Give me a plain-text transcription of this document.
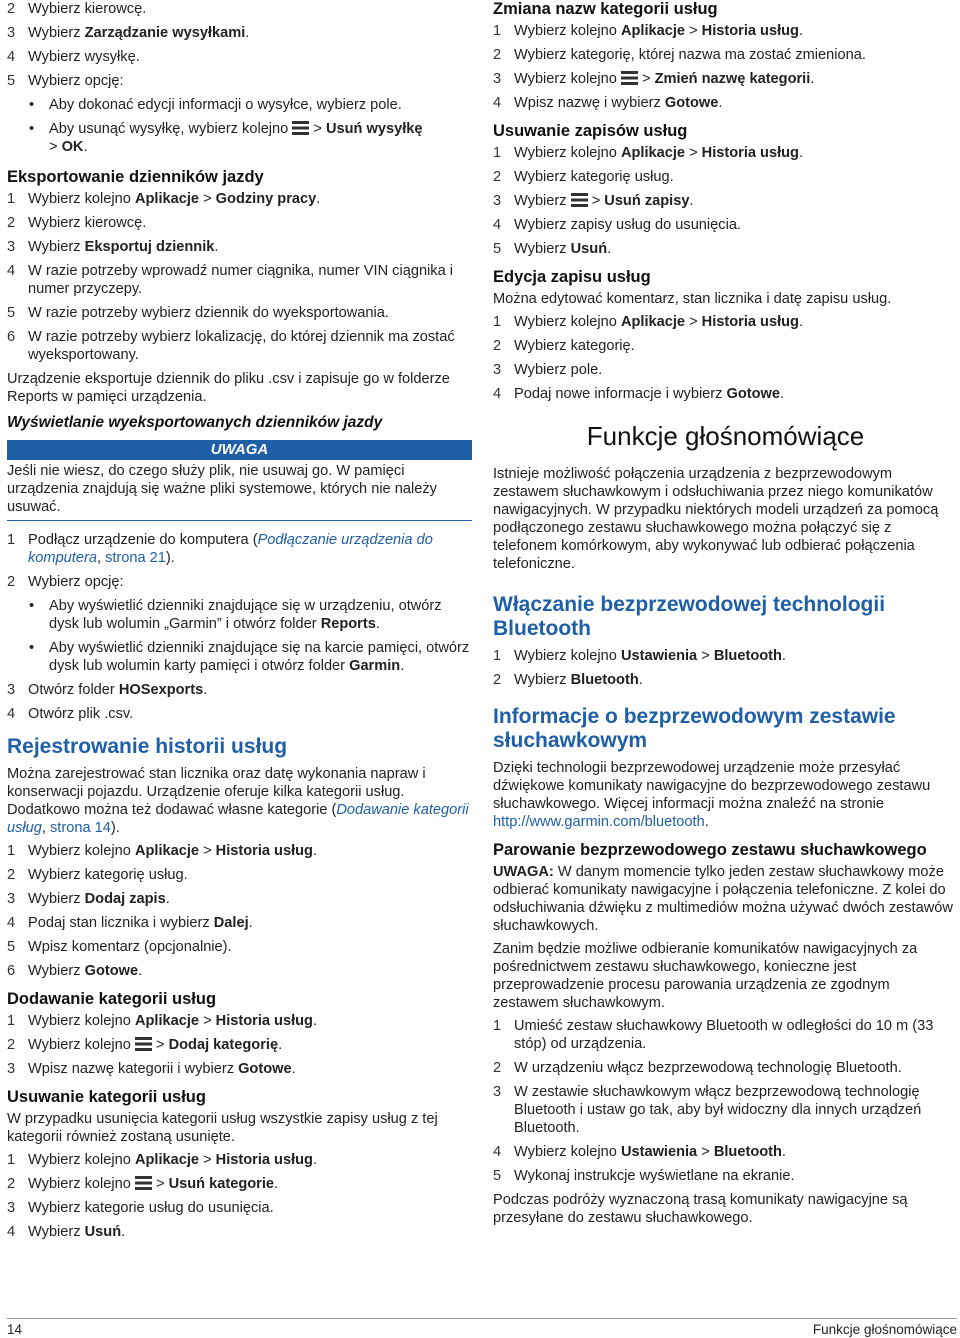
2 Wybierz kierowcę.
3 Wybierz Zarządzanie wysyłkami.
4 Wybierz wysyłkę.
5 Wybierz opcję:
• Aby dokonać edycji informacji o wysyłce, wybierz pole.
• Aby usunąć wysyłkę, wybierz kolejno  > Usuń wysyłkę
> OK.
Eksportowanie dzienników jazdy
1 Wybierz kolejno Aplikacje > Godziny pracy.
2 Wybierz kierowcę.
3 Wybierz Eksportuj dziennik.
4 W razie potrzeby wprowadź numer ciągnika, numer VIN ciągnika i numer przyczepy.
5 W razie potrzeby wybierz dziennik do wyeksportowania.
6 W razie potrzeby wybierz lokalizację, do której dziennik ma zostać wyeksportowany.
Urządzenie eksportuje dziennik do pliku .csv i zapisuje go w folderze Reports w pamięci urządzenia.
Wyświetlanie wyeksportowanych dzienników jazdy
UWAGA
Jeśli nie wiesz, do czego służy plik, nie usuwaj go. W pamięci urządzenia znajdują się ważne pliki systemowe, których nie należy usuwać.
1 Podłącz urządzenie do komputera (Podłączanie urządzenia do komputera, strona 21).
2 Wybierz opcję:
• Aby wyświetlić dzienniki znajdujące się w urządzeniu, otwórz dysk lub wolumin „Garmin” i otwórz folder Reports.
• Aby wyświetlić dzienniki znajdujące się na karcie pamięci, otwórz dysk lub wolumin karty pamięci i otwórz folder Garmin.
3 Otwórz folder HOSexports.
4 Otwórz plik .csv.
Rejestrowanie historii usług
Można zarejestrować stan licznika oraz datę wykonania napraw i konserwacji pojazdu. Urządzenie oferuje kilka kategorii usług. Dodatkowo można też dodawać własne kategorie (Dodawanie kategorii usług, strona 14).
1 Wybierz kolejno Aplikacje > Historia usług.
2 Wybierz kategorię usług.
3 Wybierz Dodaj zapis.
4 Podaj stan licznika i wybierz Dalej.
5 Wpisz komentarz (opcjonalnie).
6 Wybierz Gotowe.
Dodawanie kategorii usług
1 Wybierz kolejno Aplikacje > Historia usług.
2 Wybierz kolejno  > Dodaj kategorię.
3 Wpisz nazwę kategorii i wybierz Gotowe.
Usuwanie kategorii usług
W przypadku usunięcia kategorii usług wszystkie zapisy usług z tej kategorii również zostaną usunięte.
1 Wybierz kolejno Aplikacje > Historia usług.
2 Wybierz kolejno  > Usuń kategorie.
3 Wybierz kategorie usług do usunięcia.
4 Wybierz Usuń.
Zmiana nazw kategorii usług
1 Wybierz kolejno Aplikacje > Historia usług.
2 Wybierz kategorię, której nazwa ma zostać zmieniona.
3 Wybierz kolejno  > Zmień nazwę kategorii.
4 Wpisz nazwę i wybierz Gotowe.
Usuwanie zapisów usług
1 Wybierz kolejno Aplikacje > Historia usług.
2 Wybierz kategorię usług.
3 Wybierz  > Usuń zapisy.
4 Wybierz zapisy usług do usunięcia.
5 Wybierz Usuń.
Edycja zapisu usług
Można edytować komentarz, stan licznika i datę zapisu usług.
1 Wybierz kolejno Aplikacje > Historia usług.
2 Wybierz kategorię.
3 Wybierz pole.
4 Podaj nowe informacje i wybierz Gotowe.
Funkcje głośnomówiące
Istnieje możliwość połączenia urządzenia z bezprzewodowym zestawem słuchawkowym i odsłuchiwania przez niego komunikatów nawigacyjnych. W przypadku niektórych modeli urządzeń za pomocą podłączonego zestawu słuchawkowego można połączyć się z telefonem komórkowym, aby wykonywać lub odbierać połączenia telefoniczne.
Włączanie bezprzewodowej technologii Bluetooth
1 Wybierz kolejno Ustawienia > Bluetooth.
2 Wybierz Bluetooth.
Informacje o bezprzewodowym zestawie słuchawkowym
Dzięki technologii bezprzewodowej urządzenie może przesyłać dźwiękowe komunikaty nawigacyjne do bezprzewodowego zestawu słuchawkowego. Więcej informacji można znaleźć na stronie http://www.garmin.com/bluetooth.
Parowanie bezprzewodowego zestawu słuchawkowego
UWAGA: W danym momencie tylko jeden zestaw słuchawkowy może odbierać komunikaty nawigacyjne i połączenia telefoniczne. Z kolei do odsłuchiwania dźwięku z multimediów można używać dwóch zestawów słuchawkowych.
Zanim będzie możliwe odbieranie komunikatów nawigacyjnych za pośrednictwem zestawu słuchawkowego, konieczne jest przeprowadzenie procesu parowania urządzenia ze zgodnym zestawem słuchawkowym.
1 Umieść zestaw słuchawkowy Bluetooth w odległości do 10 m (33 stóp) od urządzenia.
2 W urządzeniu włącz bezprzewodową technologię Bluetooth.
3 W zestawie słuchawkowym włącz bezprzewodową technologię Bluetooth i ustaw go tak, aby był widoczny dla innych urządzeń Bluetooth.
4 Wybierz kolejno Ustawienia > Bluetooth.
5 Wykonaj instrukcje wyświetlane na ekranie.
Podczas podróży wyznaczoną trasą komunikaty nawigacyjne są przesyłane do zestawu słuchawkowego.
14	Funkcje głośnomówiące
